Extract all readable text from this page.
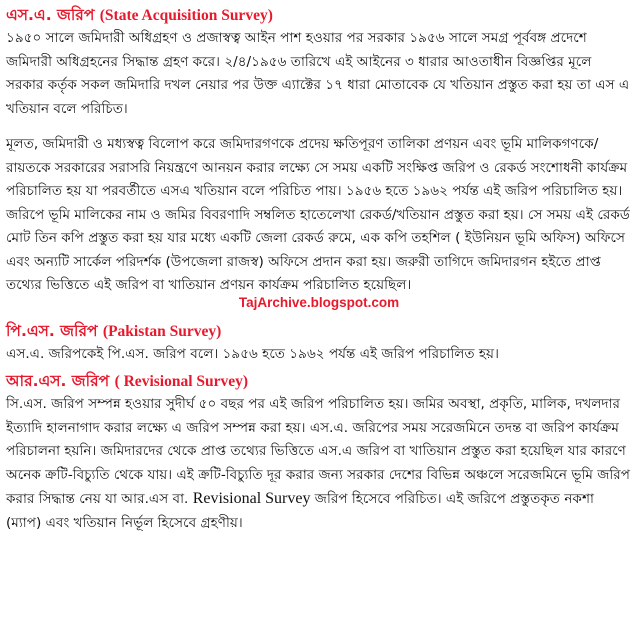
এস.এ. জরিপ (State Acquisition Survey)

১৯৫০ সালে জমিদারী অধিগ্রহণ ও প্রজাস্বত্ব আইন পাশ হওয়ার পর সরকার ১৯৫৬ সালে সমগ্র পূর্ববঙ্গ প্রদেশে জমিদারী অধিগ্রহনের সিদ্ধান্ত গ্রহণ করে। ২/৪/১৯৫৬ তারিখে এই আইনের ৩ ধারার আওতাধীন বিজ্ঞপ্তির মূলে সরকার কর্তৃক সকল জমিদারি দখল নেয়ার পর উক্ত এ্যাক্টের ১৭ ধারা মোতাবেক যে খতিয়ান প্রস্তুত করা হয় তা এস এ খতিয়ান বলে পরিচিত।

মূলত, জমিদারী ও মধ্যস্বত্ব বিলোপ করে জমিদারগণকে প্রদেয় ক্ষতিপূরণ তালিকা প্রণয়ন এবং ভূমি মালিকগণকে/রায়তকে সরকারের সরাসরি নিয়ন্ত্রণে আনয়ন করার লক্ষ্যে সে সময় একটি সংক্ষিপ্ত জরিপ ও রেকর্ড সংশোধনী কার্যক্রম পরিচালিত হয় যা পরবর্তীতে এসএ খতিয়ান বলে পরিচিত পায়। ১৯৫৬ হতে ১৯৬২ পর্যন্ত এই জরিপ পরিচালিত হয়। জরিপে ভূমি মালিকের নাম ও জমির বিবরণাদি সম্বলিত হাতেলেখা রেকর্ড/খতিয়ান প্রস্তুত করা হয়। সে সময় এই রেকর্ড মোট তিন কপি প্রস্তুত করা হয় যার মধ্যে একটি জেলা রেকর্ড রুমে, এক কপি তহশিল ( ইউনিয়ন ভূমি অফিস) অফিসে এবং অন্যটি সার্কেল পরিদর্শক (উপজেলা রাজস্ব) অফিসে প্রদান করা হয়। জরুরী তাগিদে জমিদারগন হইতে প্রাপ্ত তথ্যের ভিত্তিতে এই জরিপ বা খাতিয়ান প্রণয়ন কার্যক্রম পরিচালিত হয়েছিল।

TajArchive.blogspot.com
পি.এস. জরিপ (Pakistan Survey)

এস.এ. জরিপকেই পি.এস. জরিপ বলে। ১৯৫৬ হতে ১৯৬২ পর্যন্ত এই জরিপ পরিচালিত হয়।

আর.এস. জরিপ ( Revisional Survey)

সি.এস. জরিপ সম্পন্ন হওয়ার সুদীর্ঘ ৫০ বছর পর এই জরিপ পরিচালিত হয়। জমির অবস্থা, প্রকৃতি, মালিক, দখলদার ইত্যাদি হালনাগাদ করার লক্ষ্যে এ জরিপ সম্পন্ন করা হয়। এস.এ. জরিপের সময় সরেজমিনে তদন্ত বা জরিপ কার্যক্রম পরিচালনা হয়নি। জমিদারদের থেকে প্রাপ্ত তথ্যের ভিত্তিতে এস.এ জরিপ বা খাতিয়ান প্রস্তুত করা হয়েছিল যার কারণে অনেক ক্রটি-বিচ্যুতি থেকে যায়। এই ক্রটি-বিচ্যুতি দূর করার জন্য সরকার দেশের বিভিন্ন অঞ্চলে সরেজমিনে ভূমি জরিপ করার সিদ্ধান্ত নেয় যা আর.এস বা. Revisional Survey জরিপ হিসেবে পরিচিত। এই জরিপে প্রস্তুতকৃত নকশা (ম্যাপ) এবং খতিয়ান নির্ভূল হিসেবে গ্রহণীয়।
